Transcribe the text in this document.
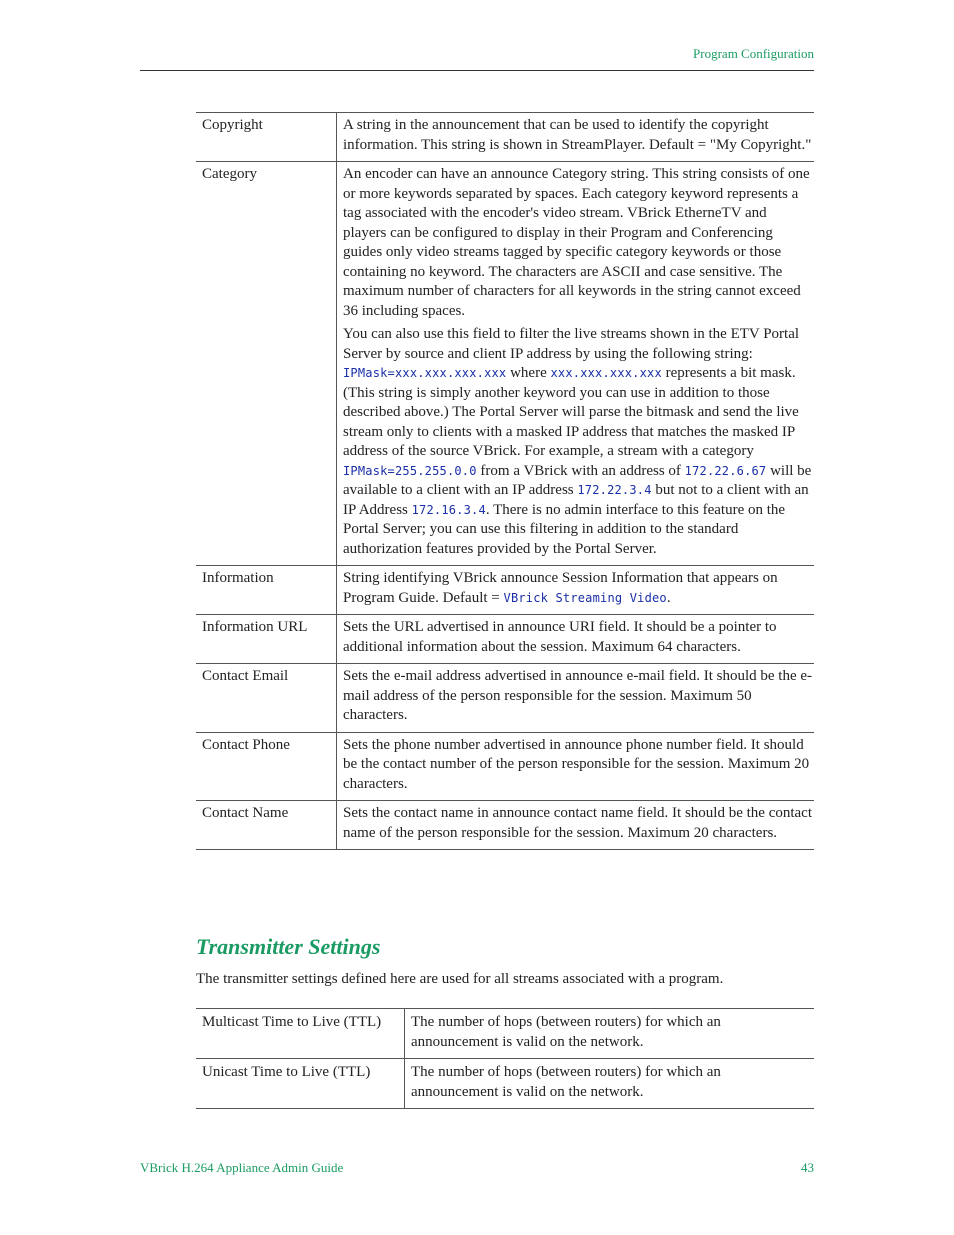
Program Configuration
Copyright	A string in the announcement that can be used to identify the copyright information. This string is shown in StreamPlayer. Default = "My Copyright."

Category	An encoder can have an announce Category string. This string consists of one or more keywords separated by spaces. Each category keyword represents a tag associated with the encoder's video stream. VBrick EtherneTV and players can be configured to display in their Program and Conferencing guides only video streams tagged by specific category keywords or those containing no keyword. The characters are ASCII and case sensitive. The maximum number of characters for all keywords in the string cannot exceed 36 including spaces.

You can also use this field to filter the live streams shown in the ETV Portal Server by source and client IP address by using the following string: IPMask=xxx.xxx.xxx.xxx where xxx.xxx.xxx.xxx represents a bit mask. (This string is simply another keyword you can use in addition to those described above.) The Portal Server will parse the bitmask and send the live stream only to clients with a masked IP address that matches the masked IP address of the source VBrick. For example, a stream with a category IPMask=255.255.0.0 from a VBrick with an address of 172.22.6.67 will be available to a client with an IP address 172.22.3.4 but not to a client with an IP Address 172.16.3.4. There is no admin interface to this feature on the Portal Server; you can use this filtering in addition to the standard authorization features provided by the Portal Server.

Information	String identifying VBrick announce Session Information that appears on Program Guide. Default = VBrick Streaming Video.

Information URL	Sets the URL advertised in announce URI field. It should be a pointer to additional information about the session. Maximum 64 characters.

Contact Email	Sets the e-mail address advertised in announce e-mail field. It should be the e-mail address of the person responsible for the session. Maximum 50 characters.

Contact Phone	Sets the phone number advertised in announce phone number field. It should be the contact number of the person responsible for the session. Maximum 20 characters.

Contact Name	Sets the contact name in announce contact name field. It should be the contact name of the person responsible for the session. Maximum 20 characters.

Transmitter Settings

The transmitter settings defined here are used for all streams associated with a program.

Multicast Time to Live (TTL)	The number of hops (between routers) for which an announcement is valid on the network.
Unicast Time to Live (TTL)	The number of hops (between routers) for which an announcement is valid on the network.
VBrick H.264 Appliance Admin Guide	43
